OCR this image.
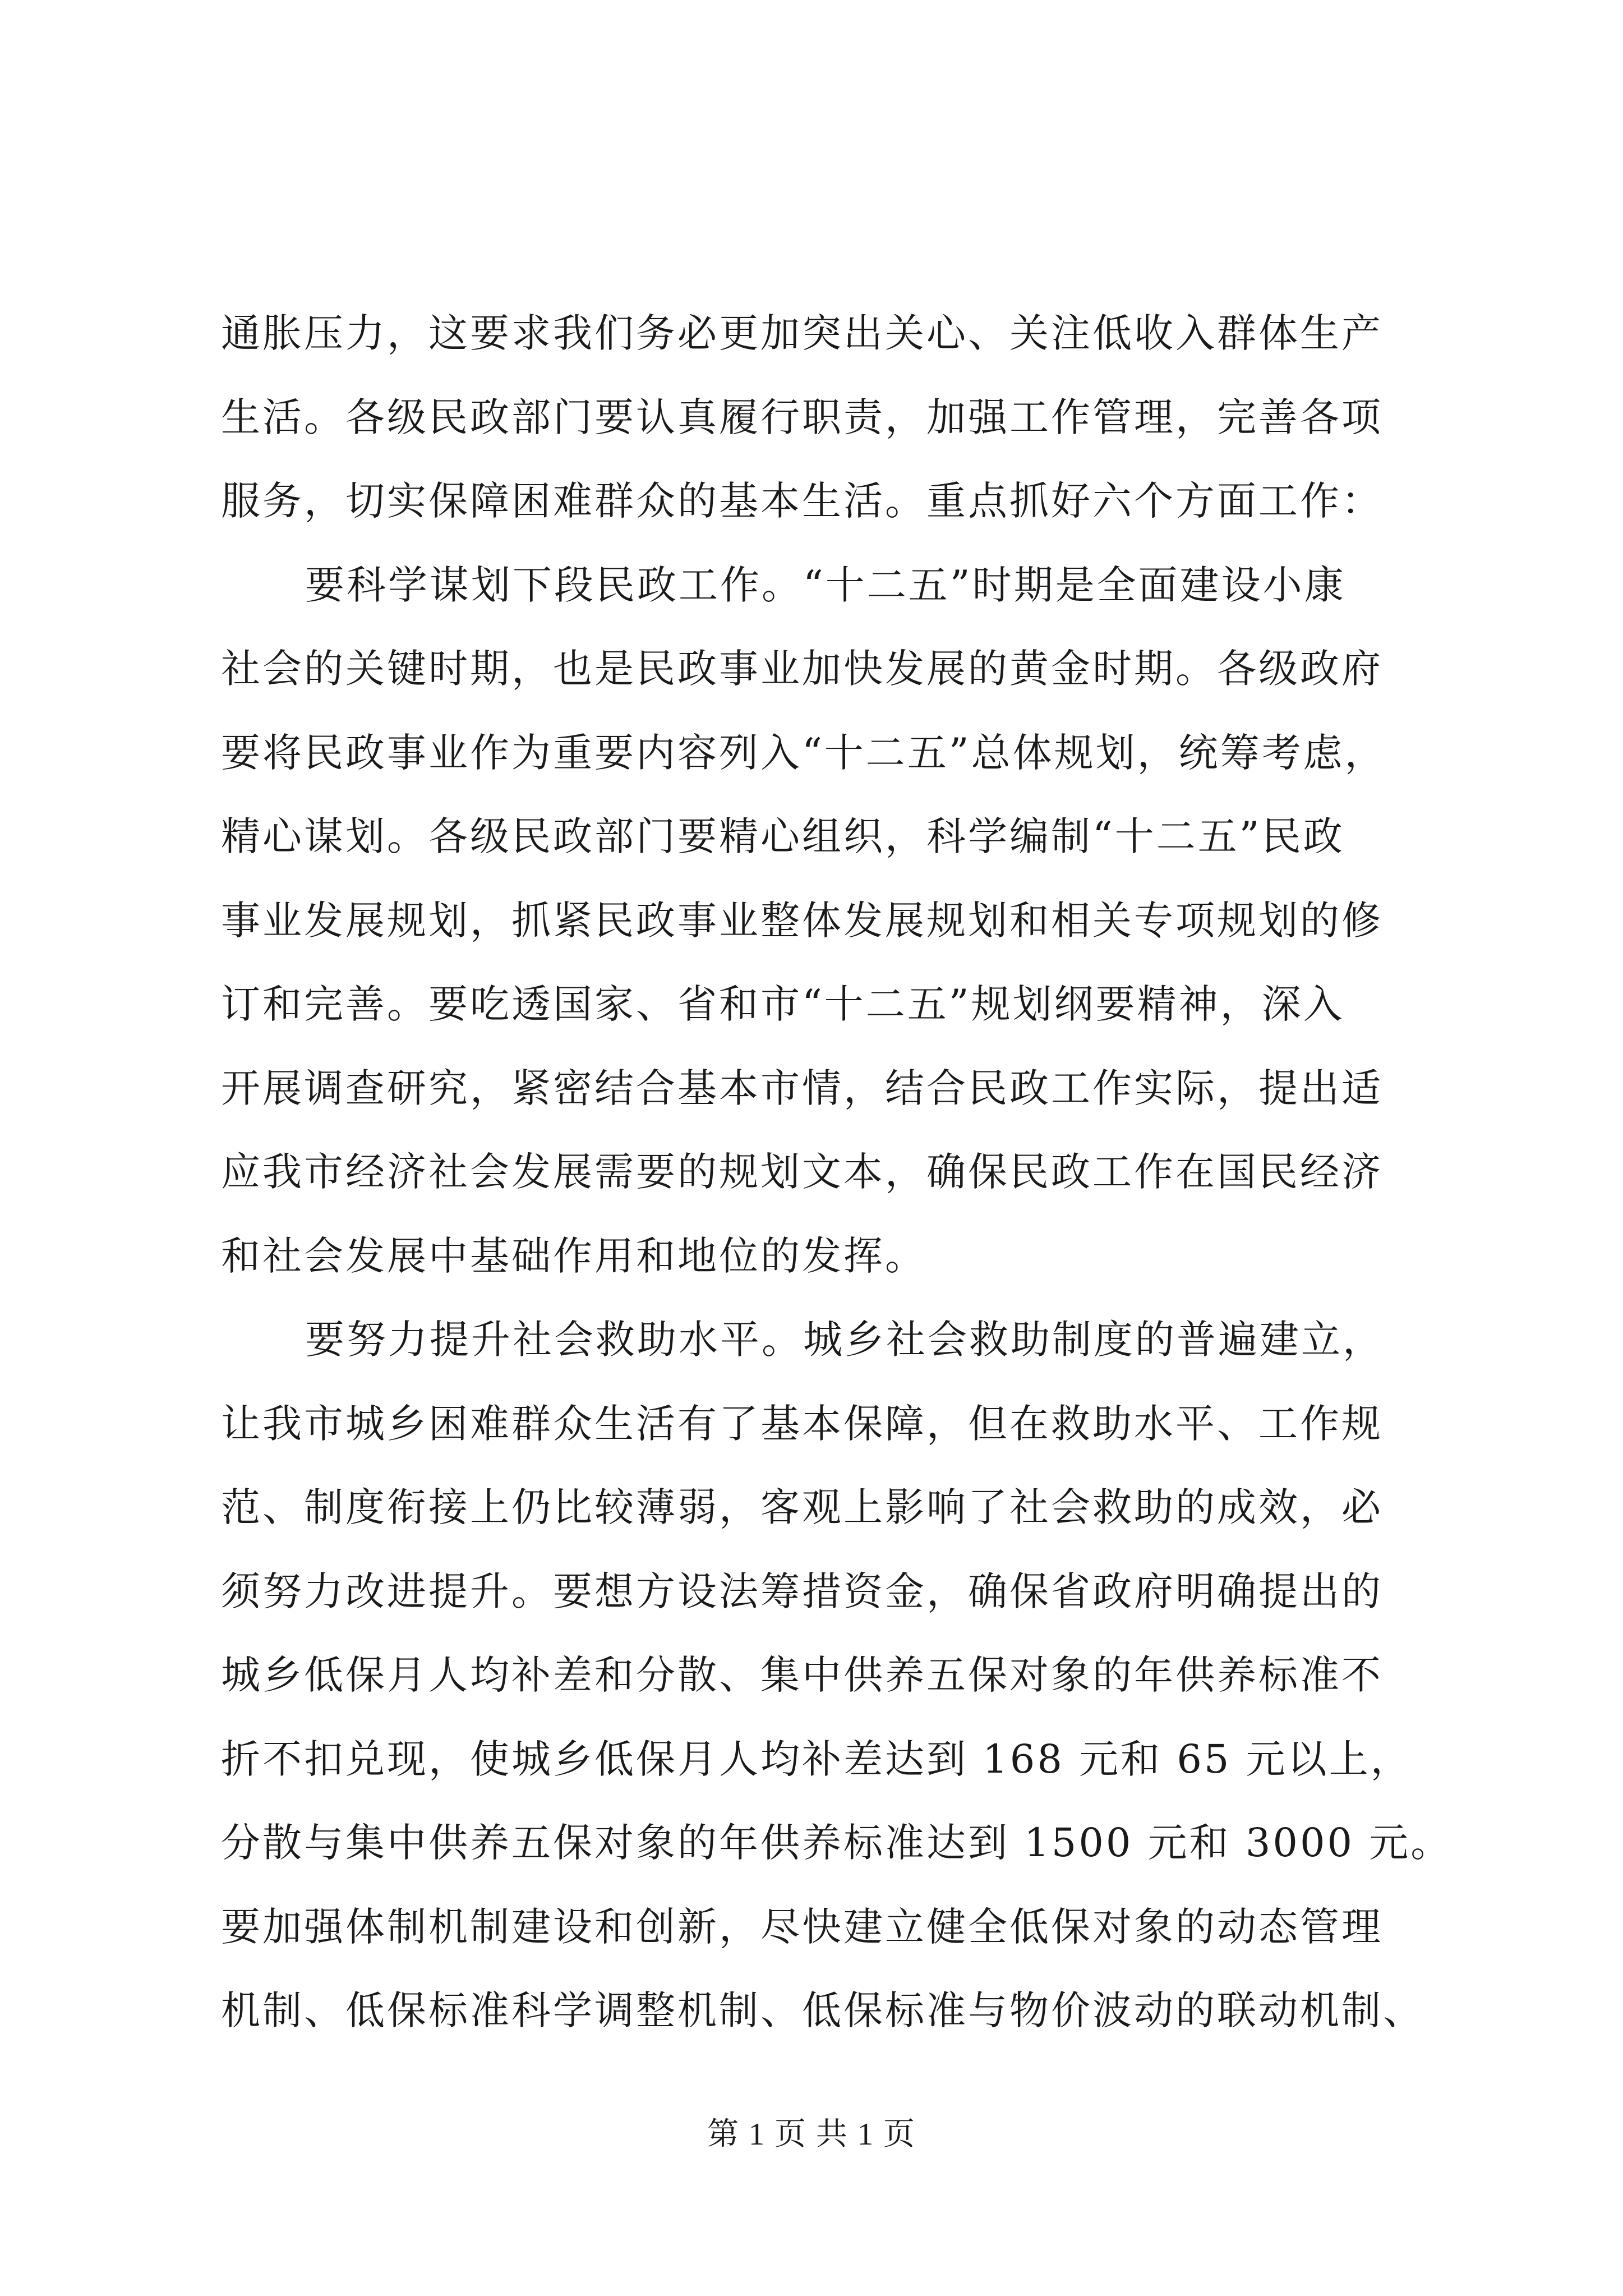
通胀压力，这要求我们务必更加突出关心、关注低收入群体生产
生活。各级民政部门要认真履行职责，加强工作管理，完善各项
服务，切实保障困难群众的基本生活。重点抓好六个方面工作：
要科学谋划下段民政工作。“十二五”时期是全面建设小康
社会的关键时期，也是民政事业加快发展的黄金时期。各级政府
要将民政事业作为重要内容列入“十二五”总体规划，统筹考虑，
精心谋划。各级民政部门要精心组织，科学编制“十二五”民政
事业发展规划，抓紧民政事业整体发展规划和相关专项规划的修
订和完善。要吃透国家、省和市“十二五”规划纲要精神，深入
开展调查研究，紧密结合基本市情，结合民政工作实际，提出适
应我市经济社会发展需要的规划文本，确保民政工作在国民经济
和社会发展中基础作用和地位的发挥。
要努力提升社会救助水平。城乡社会救助制度的普遍建立，
让我市城乡困难群众生活有了基本保障，但在救助水平、工作规
范、制度衔接上仍比较薄弱，客观上影响了社会救助的成效，必
须努力改进提升。要想方设法筹措资金，确保省政府明确提出的
城乡低保月人均补差和分散、集中供养五保对象的年供养标准不
折不扣兑现，使城乡低保月人均补差达到 168 元和 65 元以上，
分散与集中供养五保对象的年供养标准达到 1500 元和 3000 元。
要加强体制机制建设和创新，尽快建立健全低保对象的动态管理
机制、低保标准科学调整机制、低保标准与物价波动的联动机制、
第 1 页 共 1 页
